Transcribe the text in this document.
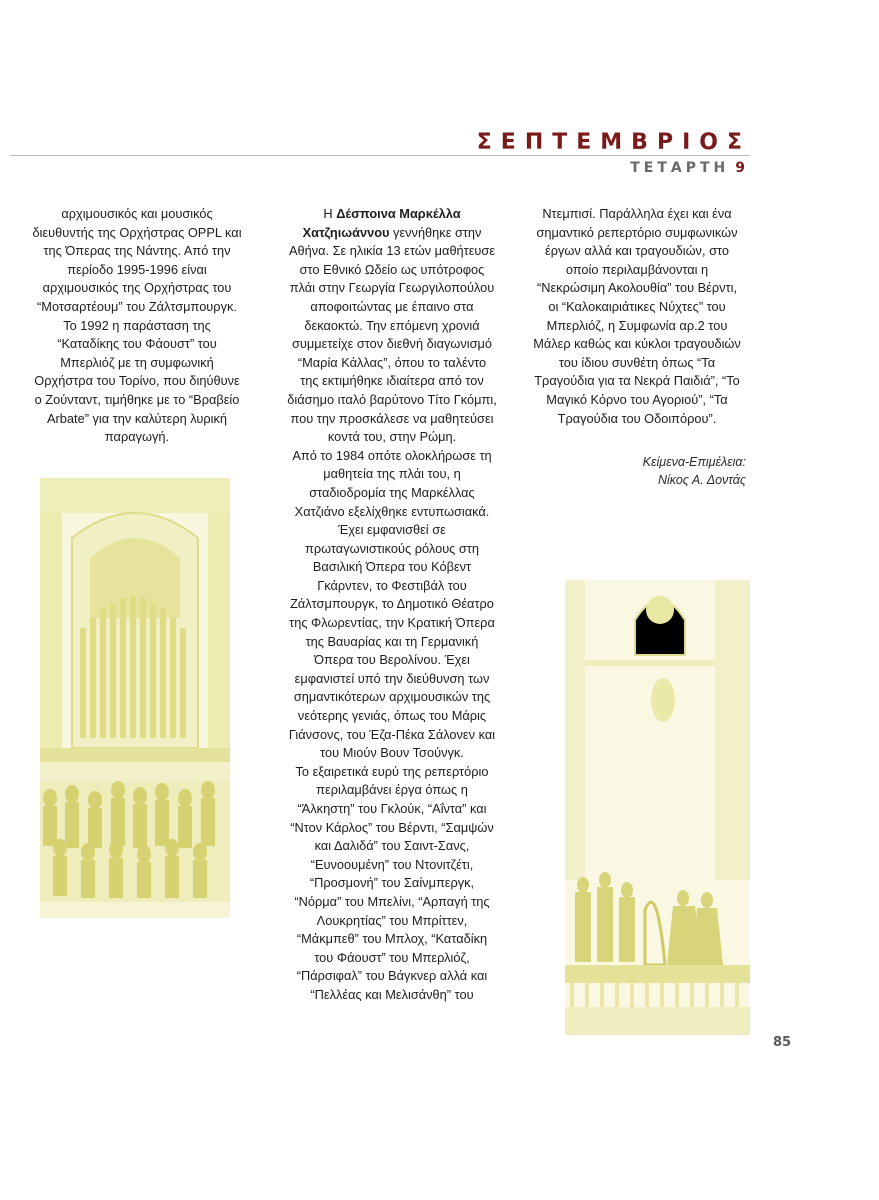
ΣΕΠΤΕΜΒΡΙΟΣ
ΤΕΤΑΡΤΗ 9

αρχιμουσικός και μουσικός

διευθυντής της Ορχήστρας OPPL και

της Όπερας της Νάντης. Από την

περίοδο 1995-1996 είναι

αρχιμουσικός της Ορχήστρας του

“Μοτσαρτέουμ” του Ζάλτσμπουργκ.

Το 1992 η παράσταση της

“Καταδίκης του Φάουστ” του

Μπερλιόζ με τη συμφωνική

Ορχήστρα του Τορίνο, που διηύθυνε

ο Ζούνταντ, τιμήθηκε με το “Βραβείο

Arbate” για την καλύτερη λυρική

παραγωγή.

Η Δέσποινα Μαρκέλλα

Χατζηιωάννου γεννήθηκε στην

Αθήνα. Σε ηλικία 13 ετών μαθήτευσε

στο Εθνικό Ωδείο ως υπότροφος

πλάι στην Γεωργία Γεωργιλοπούλου

αποφοιτώντας με έπαινο στα

δεκαοκτώ. Την επόμενη χρονιά

συμμετείχε στον διεθνή διαγωνισμό

“Μαρία Κάλλας”, όπου το ταλέντο

της εκτιμήθηκε ιδιαίτερα από τον

διάσημο ιταλό βαρύτονο Τίτο Γκόμπι,

που την προσκάλεσε να μαθητεύσει

κοντά του, στην Ρώμη.

Από το 1984 οπότε ολοκλήρωσε τη

μαθητεία της πλάι του, η

σταδιοδρομία της Μαρκέλλας

Χατζιάνο εξελίχθηκε εντυπωσιακά.

Έχει εμφανισθεί σε

πρωταγωνιστικούς ρόλους στη

Βασιλική Όπερα του Κόβεντ

Γκάρντεν, το Φεστιβάλ του

Ζάλτσμπουργκ, το Δημοτικό Θέατρο

της Φλωρεντίας, την Κρατική Όπερα

της Βαυαρίας και τη Γερμανική

Όπερα του Βερολίνου. Έχει

εμφανιστεί υπό την διεύθυνση των

σημαντικότερων αρχιμουσικών της

νεότερης γενιάς, όπως του Μάρις

Γιάνσονς, του Έζα-Πέκα Σάλονεν και

του Μιούν Βουν Τσούνγκ.

Το εξαιρετικά ευρύ της ρεπερτόριο

περιλαμβάνει έργα όπως η

“Άλκηστη” του Γκλούκ, “Αΐντα” και

“Ντον Κάρλος” του Βέρντι, “Σαμψών

και Δαλιδά” του Σαιντ-Σανς,

“Ευνοουμένη” του Ντονιτζέτι,

“Προσμονή” του Σαίνμπεργκ,

“Νόρμα” του Μπελίνι, “Αρπαγή της

Λουκρητίας” του Μπρίττεν,

“Μάκμπεθ” του Μπλοχ, “Καταδίκη

του Φάουστ” του Μπερλιόζ,

“Πάρσιφαλ” του Βάγκνερ αλλά και

“Πελλέας και Μελισάνθη” του

Ντεμπισί. Παράλληλα έχει και ένα

σημαντικό ρεπερτόριο συμφωνικών

έργων αλλά και τραγουδιών, στο

οποίο περιλαμβάνονται η

“Νεκρώσιμη Ακολουθία” του Βέρντι,

οι “Καλοκαιριάτικες Νύχτες” του

Μπερλιόζ, η Συμφωνία αρ.2 του

Μάλερ καθώς και κύκλοι τραγουδιών

του ίδιου συνθέτη όπως “Τα

Τραγούδια για τα Νεκρά Παιδιά”, “Το

Μαγικό Κόρνο του Αγοριού”, “Τα

Τραγούδια του Οδοιπόρου”.

Κείμενα-Επιμέλεια:
Νίκος Α. Δοντάς
85
